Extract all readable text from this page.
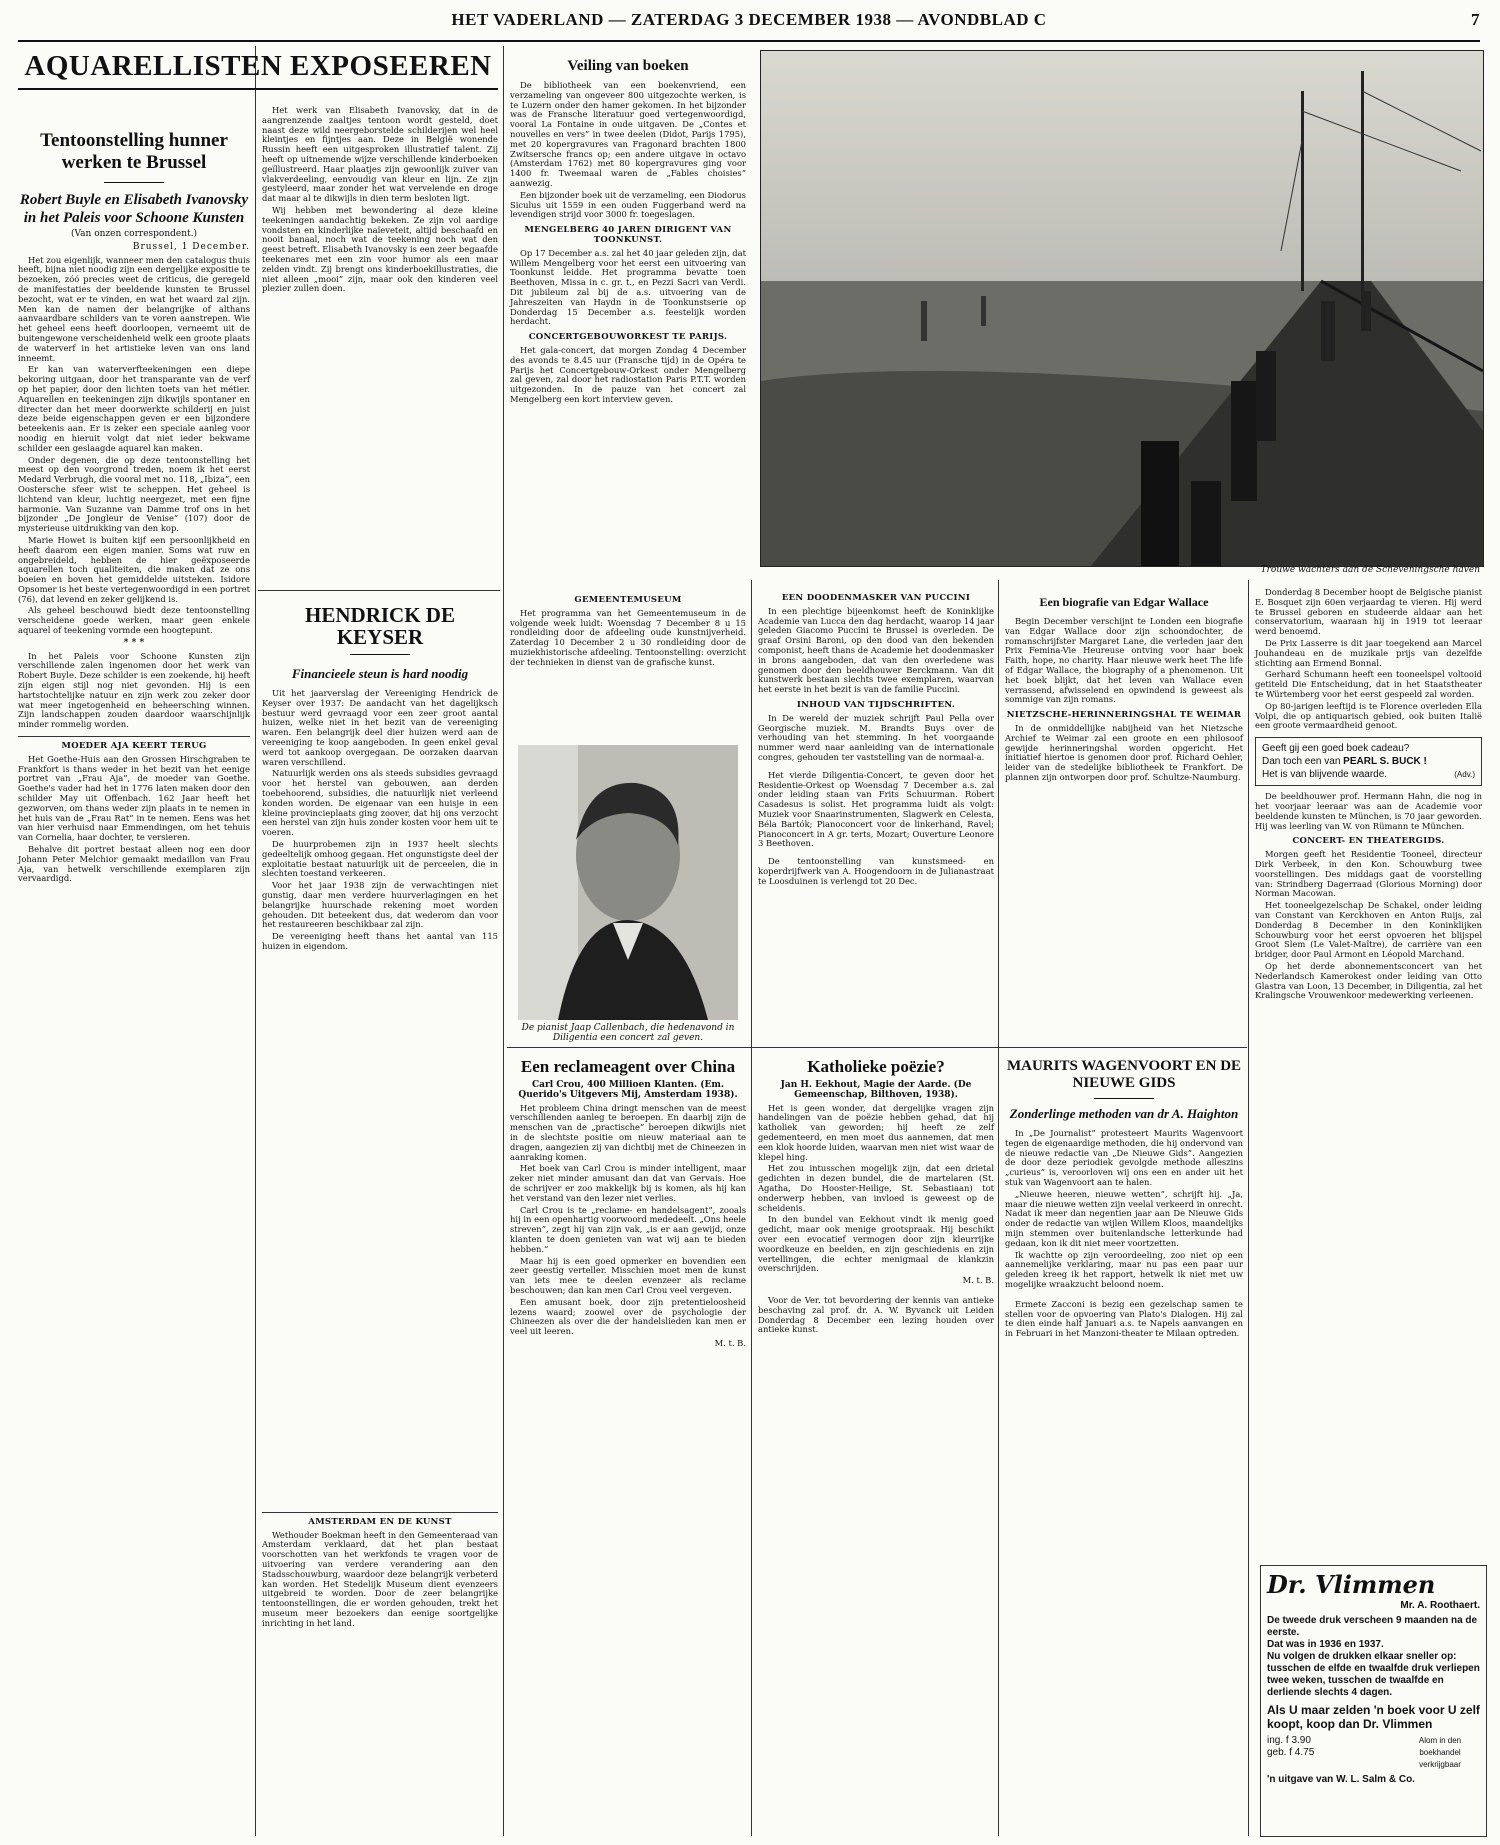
HET VADERLAND — ZATERDAG 3 DECEMBER 1938 — AVONDBLAD C	7
AQUARELLISTEN EXPOSEEREN
Tentoonstelling hunner werken te Brussel
Robert Buyle en Elisabeth Ivanovsky in het Paleis voor Schoone Kunsten
(Van onzen correspondent.)
Brussel, 1 December.

Het zou eigenlijk, wanneer men den catalogus thuis heeft, bijna niet noodig zijn een dergelijke expositie te bezoeken, zóó precies weet de criticus, die geregeld de manifestaties der beeldende kunsten te Brussel bezocht, wat er te vinden, en wat het waard zal zijn. Men kan de namen der belangrijke of althans aanvaardbare schilders van te voren aanstrepen. Wie het geheel eens heeft doorloopen, verneemt uit de buitengewone verscheidenheid welk een groote plaats de waterverf in het artistieke leven van ons land inneemt.

Er kan van waterverfteekeningen een diepe bekoring uitgaan, door het transparante van de verf op het papier, door den lichten toets van het métier. Aquarellen en teekeningen zijn dikwijls spontaner en directer dan het meer doorwerkte schilderij en juist deze beide eigenschappen geven er een bijzondere beteekenis aan. Er is zeker een speciale aanleg voor noodig en hieruit volgt dat niet ieder bekwame schilder een geslaagde aquarel kan maken.

Onder degenen, die op deze tentoonstelling het meest op den voorgrond treden, noem ik het eerst Medard Verbrugh, die vooral met no. 118, „Ibiza”, een Oostersche sfeer wist te scheppen. Het geheel is lichtend van kleur, luchtig neergezet, met een fijne harmonie. Van Suzanne van Damme trof ons in het bijzonder „De Jongleur de Venise” (107) door de mysterieuse uitdrukking van den kop.

Marie Howet is buiten kijf een persoonlijkheid en heeft daarom een eigen manier. Soms wat ruw en ongebreideld, hebben de hier geëxposeerde aquarellen toch qualiteiten, die maken dat ze ons boeien en boven het gemiddelde uitsteken. Isidore Opsomer is het beste vertegenwoordigd in een portret (76), dat levend en zeker gelijkend is.

Als geheel beschouwd biedt deze tentoonstelling verscheidene goede werken, maar geen enkele aquarel of teekening vormde een hoogtepunt.

* * *

In het Paleis voor Schoone Kunsten zijn verschillende zalen ingenomen door het werk van Robert Buyle. Deze schilder is een zoekende, hij heeft zijn eigen stijl nog niet gevonden. Hij is een hartstochtelijke natuur en zijn werk zou zeker door wat meer ingetogenheid en beheersching winnen. Zijn landschappen zouden daardoor waarschijnlijk minder rommelig worden.

MOEDER AJA KEERT TERUG

Het Goethe-Huis aan den Grossen Hirschgraben te Frankfort is thans weder in het bezit van het eenige portret van „Frau Aja”, de moeder van Goethe. Goethe's vader had het in 1776 laten maken door den schilder May uit Offenbach. 162 Jaar heeft het gezworven, om thans weder zijn plaats in te nemen in het huis van de „Frau Rat” in te nemen. Eens was het van hier verhuisd naar Emmendingen, om het tehuis van Cornelia, haar dochter, te versieren.

Behalve dit portret bestaat alleen nog een door Johann Peter Melchior gemaakt medaillon van Frau Aja, van hetwelk verschillende exemplaren zijn vervaardigd.

Het werk van Elisabeth Ivanovsky, dat in de aangrenzende zaaltjes tentoon wordt gesteld, doet naast deze wild neergeborstelde schilderijen wel heel kleintjes en fijntjes aan. Deze in België wonende Russin heeft een uitgesproken illustratief talent. Zij heeft op uitnemende wijze verschillende kinderboeken geïllustreerd. Haar plaatjes zijn gewoonlijk zuiver van vlakverdeeling, eenvoudig van kleur en lijn. Ze zijn gestyleerd, maar zonder het wat vervelende en droge dat maar al te dikwijls in dien term besloten ligt.

Wij hebben met bewondering al deze kleine teekeningen aandachtig bekeken. Ze zijn vol aardige vondsten en kinderlijke naïeveteit, altijd beschaafd en nooit banaal, noch wat de teekening noch wat den geest betreft. Elisabeth Ivanovsky is een zeer begaafde teekenares met een zin voor humor als een maar zelden vindt. Zij brengt ons kinderboekillustraties, die niet alleen „mooi” zijn, maar ook den kinderen veel plezier zullen doen.

HENDRICK DE KEYSER
Financieele steun is hard noodig

Uit het jaarverslag der Vereeniging Hendrick de Keyser over 1937: De aandacht van het dagelijksch bestuur werd gevraagd voor een zeer groot aantal huizen, welke niet in het bezit van de vereeniging waren. Een belangrijk deel dier huizen werd aan de vereeniging te koop aangeboden. In geen enkel geval werd tot aankoop overgegaan. De oorzaken daarvan waren verschillend.

Natuurlijk werden ons als steeds subsidies gevraagd voor het herstel van gebouwen, aan derden toebehoorend, subsidies, die natuurlijk niet verleend konden worden. De eigenaar van een huisje in een kleine provincieplaats ging zoover, dat hij ons verzocht een herstel van zijn huis zonder kosten voor hem uit te voeren.

De huurprobemen zijn in 1937 heelt slechts gedeeltelijk omhoog gegaan. Het ongunstigste deel der exploitatie bestaat natuurlijk uit de perceelen, die in slechten toestand verkeeren.

Voor het jaar 1938 zijn de verwachtingen niet gunstig, daar men verdere huurverlagingen en het belangrijke huurschade rekening moet worden gehouden. Dit beteekent dus, dat wederom dan voor het restaureeren beschikbaar zal zijn.

De vereeniging heeft thans het aantal van 115 huizen in eigendom.

AMSTERDAM EN DE KUNST

Wethouder Boekman heeft in den Gemeenteraad van Amsterdam verklaard, dat het plan bestaat voorschotten van het werkfonds te vragen voor de uitvoering van verdere verandering aan den Stadsschouwburg, waardoor deze belangrijk verbeterd kan worden. Het Stedelijk Museum dient evenzeers uitgebreid te worden. Door de zeer belangrijke tentoonstellingen, die er worden gehouden, trekt het museum meer bezoekers dan eenige soortgelijke inrichting in het land.

Veiling van boeken

De bibliotheek van een boekenvriend, een verzameling van ongeveer 800 uitgezochte werken, is te Luzern onder den hamer gekomen. In het bijzonder was de Fransche literatuur goed vertegenwoordigd, vooral La Fontaine in oude uitgaven. De „Contes et nouvelles en vers” in twee deelen (Didot, Parijs 1795), met 20 kopergravures van Fragonard brachten 1800 Zwitsersche francs op; een andere uitgave in octavo (Amsterdam 1762) met 80 kopergravures ging voor 1400 fr. Tweemaal waren de „Fables choisies” aanwezig.

Een bijzonder boek uit de verzameling, een Diodorus Siculus uit 1559 in een ouden Fuggerband werd na levendigen strijd voor 3000 fr. toegeslagen.

MENGELBERG 40 JAREN DIRIGENT VAN TOONKUNST.

Op 17 December a.s. zal het 40 jaar geleden zijn, dat Willem Mengelberg voor het eerst een uitvoering van Toonkunst leidde. Het programma bevatte toen Beethoven, Missa in c. gr. t., en Pezzi Sacri van Verdi. Dit jubileum zal bij de a.s. uitvoering van de Jahreszeiten van Haydn in de Toonkunstserie op Donderdag 15 December a.s. feestelijk worden herdacht.

CONCERTGEBOUWORKEST TE PARIJS.

Het gala-concert, dat morgen Zondag 4 December des avonds te 8.45 uur (Fransche tijd) in de Opéra te Parijs het Concertgebouw-Orkest onder Mengelberg zal geven, zal door het radiostation Paris P.T.T. worden uitgezonden. In de pauze van het concert zal Mengelberg een kort interview geven.

GEMEENTEMUSEUM

Het programma van het Gemeentemuseum in de volgende week luidt: Woensdag 7 December 8 u 15 rondleiding door de afdeeling oude kunstnijverheid. Zaterdag 10 December 2 u 30 rondleiding door de muziekhistorische afdeeling. Tentoonstelling: overzicht der technieken in dienst van de grafische kunst.

De pianist Jaap Callenbach, die hedenavond in Diligentia een concert zal geven.
Trouwe wachters aan de Scheveningsche haven
EEN DOODENMASKER VAN PUCCINI

In een plechtige bijeenkomst heeft de Koninklijke Academie van Lucca den dag herdacht, waarop 14 jaar geleden Giacomo Puccini te Brussel is overleden. De graaf Orsini Baroni, op den dood van den bekenden componist, heeft thans de Academie het doodenmasker in brons aangeboden, dat van den overledene was genomen door den beeldhouwer Berckmann. Van dit kunstwerk bestaan slechts twee exemplaren, waarvan het eerste in het bezit is van de familie Puccini.

INHOUD VAN TIJDSCHRIFTEN.

In De wereld der muziek schrijft Paul Pella over Georgische muziek. M. Brandts Buys over de verhouding van het stemming. In het voorgaande nummer werd naar aanleiding van de internationale congres, gehouden ter vaststelling van de normaal-a.

Het vierde Diligentia-Concert, te geven door het Residentie-Orkest op Woensdag 7 December a.s. zal onder leiding staan van Frits Schuurman. Robert Casadesus is solist. Het programma luidt als volgt: Muziek voor Snaarinstrumenten, Slagwerk en Celesta, Béla Bartók; Pianoconcert voor de linkerhand, Ravel; Pianoconcert in A gr. terts, Mozart; Ouverture Leonore 3 Beethoven.

De tentoonstelling van kunstsmeed- en koperdrijfwerk van A. Hoogendoorn in de Julianastraat te Loosduinen is verlengd tot 20 Dec.

Een biografie van Edgar Wallace

Begin December verschijnt te Londen een biografie van Edgar Wallace door zijn schoondochter, de romanschrijfster Margaret Lane, die verleden jaar den Prix Femina-Vie Heureuse ontving voor haar boek Faith, hope, no charity. Haar nieuwe werk heet The life of Edgar Wallace, the biography of a phenomenon. Uit het boek blijkt, dat het leven van Wallace even verrassend, afwisselend en opwindend is geweest als sommige van zijn romans.

NIETZSCHE-HERINNERINGSHAL TE WEIMAR

In de onmiddellijke nabijheid van het Nietzsche Archief te Weimar zal een groote en een philosoof gewijde herinneringshal worden opgericht. Het initiatief hiertoe is genomen door prof. Richard Oehler, leider van de stedelijke bibliotheek te Frankfort. De plannen zijn ontworpen door prof. Schultze-Naumburg.

Donderdag 8 December hoopt de Belgische pianist E. Bosquet zijn 60en verjaardag te vieren. Hij werd te Brussel geboren en studeerde aldaar aan het conservatorium, waaraan hij in 1919 tot leeraar werd benoemd.

De Prix Lasserre is dit jaar toegekend aan Marcel Jouhandeau en de muzikale prijs van dezelfde stichting aan Ermend Bonnal.

Gerhard Schumann heeft een tooneelspel voltooid getiteld Die Entscheidung, dat in het Staatstheater te Würtemberg voor het eerst gespeeld zal worden.

Op 80-jarigen leeftijd is te Florence overleden Ella Volpi, die op antiquarisch gebied, ook buiten Italië een groote vermaardheid genoot.

Geeft gij een goed boek cadeau?
Dan toch een van PEARL S. BUCK !
Het is van blijvende waarde.	(Adv.)

De beeldhouwer prof. Hermann Hahn, die nog in het voorjaar leeraar was aan de Academie voor beeldende kunsten te München, is 70 jaar geworden. Hij was leerling van W. von Rümann te München.

CONCERT- EN THEATERGIDS.

Morgen geeft het Residentie Tooneel, directeur Dirk Verbeek, in den Kon. Schouwburg twee voorstellingen. Des middags gaat de voorstelling van: Strindberg Dagerraad (Glorious Morning) door Norman Macowan.

Het tooneelgezelschap De Schakel, onder leiding van Constant van Kerckhoven en Anton Ruijs, zal Donderdag 8 December in den Koninklijken Schouwburg voor het eerst opvoeren het blijspel Groot Slem (Le Valet-Maître), de carrière van een bridger, door Paul Armont en Léopold Marchand.

Op het derde abonnementsconcert van het Nederlandsch Kamerokest onder leiding van Otto Glastra van Loon, 13 December, in Diligentia, zal het Kralingsche Vrouwenkoor medewerking verleenen.

Dr. Vlimmen
Mr. A. Roothaert.
De tweede druk verscheen 9 maanden na de eerste.
Dat was in 1936 en 1937.
Nu volgen de drukken elkaar sneller op: tusschen de elfde en twaalfde druk verliepen twee weken, tusschen de twaalfde en derliende slechts 4 dagen.
Als U maar zelden 'n boek voor U zelf koopt, koop dan Dr. Vlimmen
ing. f 3.90
geb. f 4.75
Alom in den boekhandel verkrijgbaar
'n uitgave van W. L. Salm & Co.
Een reclameagent over China
Carl Crou, 400 Millioen Klanten. (Em. Querido's Uitgevers Mij, Amsterdam 1938).

Het probleem China dringt menschen van de meest verschillenden aanleg te beroepen. En daarbij zijn de menschen van de „practische” beroepen dikwijls niet in de slechtste positie om nieuw materiaal aan te dragen, aangezien zij van dichtbij met de Chineezen in aanraking komen.

Het boek van Carl Crou is minder intelligent, maar zeker niet minder amusant dan dat van Gervais. Hoe de schrijver er zoo makkelijk bij is komen, als hij kan het verstand van den lezer niet verlies.

Carl Crou is te „reclame- en handelsagent”, zooals hij in een openhartig voorwoord mededeelt. „Ons heele streven”, zegt hij van zijn vak, „is er aan gewijd, onze klanten te doen genieten van wat wij aan te bieden hebben.”

Maar hij is een goed opmerker en bovendien een zeer geestig verteller. Misschien moet men de kunst van iets mee te deelen evenzeer als reclame beschouwen; dan kan men Carl Crou veel vergeven.

Een amusant boek, door zijn pretentieloosheid lezens waard; zoowel over de psychologie der Chineezen als over die der handelslieden kan men er veel uit leeren.

M. t. B.
Katholieke poëzie?
Jan H. Eekhout, Magie der Aarde. (De Gemeenschap, Bilthoven, 1938).

Het is geen wonder, dat dergelijke vragen zijn handelingen van de poëzie hebben gehad, dat hij katholiek van geworden; hij heeft ze zelf gedementeerd, en men moet dus aannemen, dat men een klok hoorde luiden, waarvan men niet wist waar de klepel hing.

Het zou intusschen mogelijk zijn, dat een drietal gedichten in dezen bundel, die de martelaren (St. Agatha, Do Hooster-Heilige, St. Sebastiaan) tot onderwerp hebben, van invloed is geweest op de scheidenis.

In den bundel van Eekhout vindt ik menig goed gedicht, maar ook menige grootspraak. Hij beschikt over een evocatief vermogen door zijn kleurrijke woordkeuze en beelden, en zijn geschiedenis en zijn vertellingen, die echter menigmaal de klankzin overschrijden.

M. t. B.

Voor de Ver. tot bevordering der kennis van antieke beschaving zal prof. dr. A. W. Byvanck uit Leiden Donderdag 8 December een lezing houden over antieke kunst.

MAURITS WAGENVOORT EN DE NIEUWE GIDS
Zonderlinge methoden van dr A. Haighton

In „De Journalist” protesteert Maurits Wagenvoort tegen de eigenaardige methoden, die hij ondervond van de nieuwe redactie van „De Nieuwe Gids”. Aangezien de door deze periodiek gevolgde methode alleszins „curieus” is, veroorloven wij ons een en ander uit het stuk van Wagenvoort aan te halen.

„Nieuwe heeren, nieuwe wetten”, schrijft hij. „Ja, maar die nieuwe wetten zijn veelal verkeerd in onrecht. Nadat ik meer dan negentien jaar aan De Nieuwe Gids onder de redactie van wijlen Willem Kloos, maandelijks mijn stemmen over buitenlandsche letterkunde had gedaan, kon ik dit niet meer voortzetten.

Ik wachtte op zijn veroordeeling, zoo niet op een aannemelijke verklaring, maar nu pas een paar uur geleden kreeg ik het rapport, hetwelk ik niet met uw mogelijke wraakzucht beloond noem.

Ermete Zacconi is bezig een gezelschap samen te stellen voor de opvoering van Plato's Dialogen. Hij zal te dien einde half Januari a.s. te Napels aanvangen en in Februari in het Manzoni-theater te Milaan optreden.
